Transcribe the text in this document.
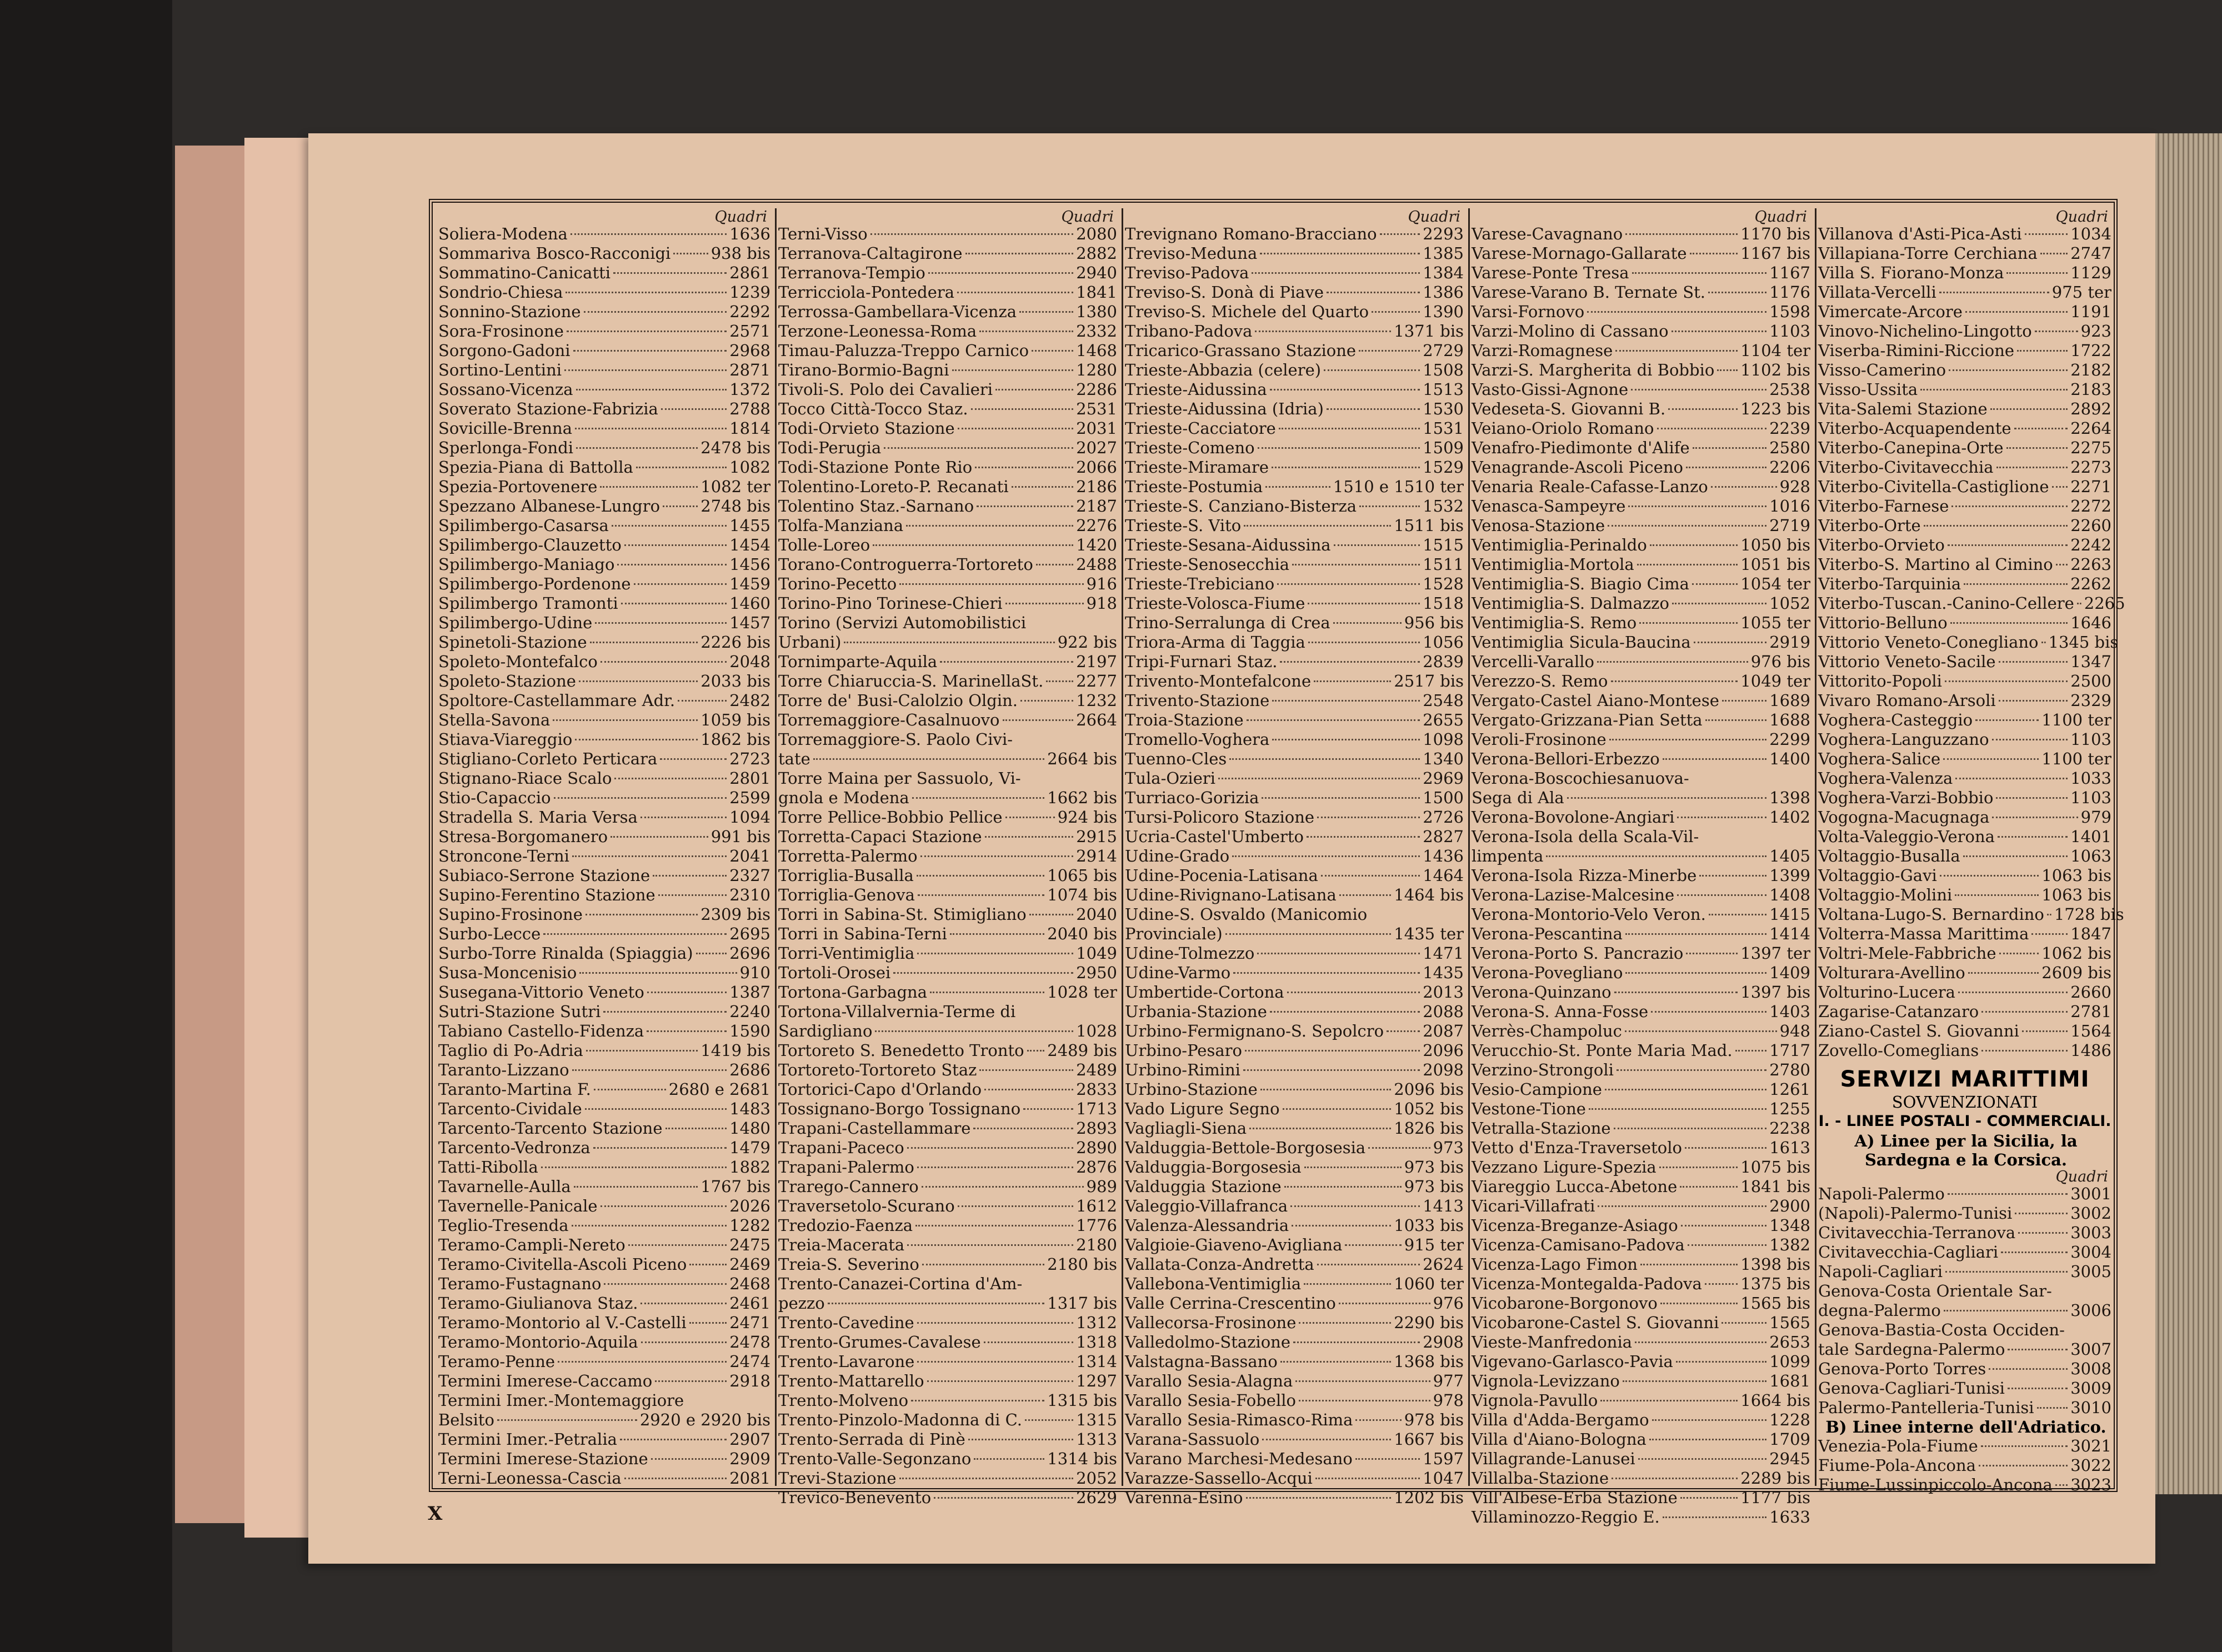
Quadri
Soliera-Modena	1636
Sommariva Bosco-Racconigi 938 bis
Sommatino-Canicatti	2861
Sondrio-Chiesa	1239
Sonnino-Stazione	2292
Sora-Frosinone	2571
Sorgono-Gadoni	2968
Sortino-Lentini	2871
Sossano-Vicenza	1372
Soverato Stazione-Fabrizia	2788
Sovicille-Brenna	1814
Sperlonga-Fondi	2478 bis
Spezia-Piana di Battolla	1082
Spezia-Portovenere	1082 ter
Spezzano Albanese-Lungro	2748 bis
Spilimbergo-Casarsa	1455
Spilimbergo-Clauzetto	1454
Spilimbergo-Maniago	1456
Spilimbergo-Pordenone	1459
Spilimbergo Tramonti	1460
Spilimbergo-Udine	1457
Spinetoli-Stazione	2226 bis
Spoleto-Montefalco	2048
Spoleto-Stazione	2033 bis
Spoltore-Castellammare Adr.	2482
Stella-Savona	1059 bis
Stiava-Viareggio	1862 bis
Stigliano-Corleto Perticara	2723
Stignano-Riace Scalo	2801
Stio-Capaccio	2599
Stradella S. Maria Versa	1094
Stresa-Borgomanero	991 bis
Stroncone-Terni	2041
Subiaco-Serrone Stazione	2327
Supino-Ferentino Stazione	2310
Supino-Frosinone	2309 bis
Surbo-Lecce	2695
Surbo-Torre Rinalda (Spiaggia) 2696
Susa-Moncenisio	910
Susegana-Vittorio Veneto	1387
Sutri-Stazione Sutri	2240
Tabiano Castello-Fidenza	1590
Taglio di Po-Adria	1419 bis
Taranto-Lizzano	2686
Taranto-Martina F.	2680 e 2681
Tarcento-Cividale	1483
Tarcento-Tarcento Stazione	1480
Tarcento-Vedronza	1479
Tatti-Ribolla	1882
Tavarnelle-Aulla	1767 bis
Tavernelle-Panicale	2026
Teglio-Tresenda	1282
Teramo-Campli-Nereto	2475
Teramo-Civitella-Ascoli Piceno	2469
Teramo-Fustagnano	2468
Teramo-Giulianova Staz.	2461
Teramo-Montorio al V.-Castelli	2471
Teramo-Montorio-Aquila	2478
Teramo-Penne	2474
Termini Imerese-Caccamo	2918
Termini Imer.-Montemaggiore
Belsito	2920 e 2920 bis
Termini Imer.-Petralia	2907
Termini Imerese-Stazione	2909
Terni-Leonessa-Cascia	2081
Quadri
Terni-Visso	2080
Terranova-Caltagirone	2882
Terranova-Tempio	2940
Terricciola-Pontedera	1841
Terrossa-Gambellara-Vicenza	1380
Terzone-Leonessa-Roma	2332
Timau-Paluzza-Treppo Carnico	1468
Tirano-Bormio-Bagni	1280
Tivoli-S. Polo dei Cavalieri	2286
Tocco Città-Tocco Staz.	2531
Todi-Orvieto Stazione	2031
Todi-Perugia	2027
Todi-Stazione Ponte Rio	2066
Tolentino-Loreto-P. Recanati	2186
Tolentino Staz.-Sarnano	2187
Tolfa-Manziana	2276
Tolle-Loreo	1420
Torano-Controguerra-Tortoreto	2488
Torino-Pecetto	916
Torino-Pino Torinese-Chieri	918
Torino (Servizi Automobilistici
Urbani)	922 bis
Tornimparte-Aquila	2197
Torre Chiaruccia-S. MarinellaSt. 2277
Torre de' Busi-Calolzio Olgin.	1232
Torremaggiore-Casalnuovo	2664
Torremaggiore-S. Paolo Civi-
tate	2664 bis
Torre Maina per Sassuolo, Vi-
gnola e Modena	1662 bis
Torre Pellice-Bobbio Pellice	924 bis
Torretta-Capaci Stazione	2915
Torretta-Palermo	2914
Torriglia-Busalla	1065 bis
Torriglia-Genova	1074 bis
Torri in Sabina-St. Stimigliano	2040
Torri in Sabina-Terni	2040 bis
Torri-Ventimiglia	1049
Tortoli-Orosei	2950
Tortona-Garbagna	1028 ter
Tortona-Villalvernia-Terme di
Sardigliano	1028
Tortoreto S. Benedetto Tronto 2489 bis
Tortoreto-Tortoreto Staz	2489
Tortorici-Capo d'Orlando	2833
Tossignano-Borgo Tossignano	1713
Trapani-Castellammare	2893
Trapani-Paceco	2890
Trapani-Palermo	2876
Trarego-Cannero	989
Traversetolo-Scurano	1612
Tredozio-Faenza	1776
Treia-Macerata	2180
Treia-S. Severino	2180 bis
Trento-Canazei-Cortina d'Am-
pezzo	1317 bis
Trento-Cavedine	1312
Trento-Grumes-Cavalese	1318
Trento-Lavarone	1314
Trento-Mattarello	1297
Trento-Molveno	1315 bis
Trento-Pinzolo-Madonna di C.	1315
Trento-Serrada di Pinè	1313
Trento-Valle-Segonzano	1314 bis
Trevi-Stazione	2052
Trevico-Benevento	2629
Quadri
Trevignano Romano-Bracciano	2293
Treviso-Meduna	1385
Treviso-Padova	1384
Treviso-S. Donà di Piave	1386
Treviso-S. Michele del Quarto	1390
Tribano-Padova	1371 bis
Tricarico-Grassano Stazione	2729
Trieste-Abbazia (celere)	1508
Trieste-Aidussina	1513
Trieste-Aidussina (Idria)	1530
Trieste-Cacciatore	1531
Trieste-Comeno	1509
Trieste-Miramare	1529
Trieste-Postumia	1510 e 1510 ter
Trieste-S. Canziano-Bisterza	1532
Trieste-S. Vito	1511 bis
Trieste-Sesana-Aidussina	1515
Trieste-Senosecchia	1511
Trieste-Trebiciano	1528
Trieste-Volosca-Fiume	1518
Trino-Serralunga di Crea	956 bis
Triora-Arma di Taggia	1056
Tripi-Furnari Staz.	2839
Trivento-Montefalcone	2517 bis
Trivento-Stazione	2548
Troia-Stazione	2655
Tromello-Voghera	1098
Tuenno-Cles	1340
Tula-Ozieri	2969
Turriaco-Gorizia	1500
Tursi-Policoro Stazione	2726
Ucria-Castel'Umberto	2827
Udine-Grado	1436
Udine-Pocenia-Latisana	1464
Udine-Rivignano-Latisana	1464 bis
Udine-S. Osvaldo (Manicomio
Provinciale)	1435 ter
Udine-Tolmezzo	1471
Udine-Varmo	1435
Umbertide-Cortona	2013
Urbania-Stazione	2088
Urbino-Fermignano-S. Sepolcro 2087
Urbino-Pesaro	2096
Urbino-Rimini	2098
Urbino-Stazione	2096 bis
Vado Ligure Segno	1052 bis
Vagliagli-Siena	1826 bis
Valduggia-Bettole-Borgosesia	973
Valduggia-Borgosesia	973 bis
Valduggia Stazione	973 bis
Valeggio-Villafranca	1413
Valenza-Alessandria	1033 bis
Valgioie-Giaveno-Avigliana	915 ter
Vallata-Conza-Andretta	2624
Vallebona-Ventimiglia	1060 ter
Valle Cerrina-Crescentino	976
Vallecorsa-Frosinone	2290 bis
Valledolmo-Stazione	2908
Valstagna-Bassano	1368 bis
Varallo Sesia-Alagna	977
Varallo Sesia-Fobello	978
Varallo Sesia-Rimasco-Rima	978 bis
Varana-Sassuolo	1667 bis
Varano Marchesi-Medesano	1597
Varazze-Sassello-Acqui	1047
Varenna-Esino	1202 bis
Quadri
Varese-Cavagnano	1170 bis
Varese-Mornago-Gallarate	1167 bis
Varese-Ponte Tresa	1167
Varese-Varano B. Ternate St.	1176
Varsi-Fornovo	1598
Varzi-Molino di Cassano	1103
Varzi-Romagnese	1104 ter
Varzi-S. Margherita di Bobbio 1102 bis
Vasto-Gissi-Agnone	2538
Vedeseta-S. Giovanni B.	1223 bis
Veiano-Oriolo Romano	2239
Venafro-Piedimonte d'Alife	2580
Venagrande-Ascoli Piceno	2206
Venaria Reale-Cafasse-Lanzo	928
Venasca-Sampeyre	1016
Venosa-Stazione	2719
Ventimiglia-Perinaldo	1050 bis
Ventimiglia-Mortola	1051 bis
Ventimiglia-S. Biagio Cima	1054 ter
Ventimiglia-S. Dalmazzo	1052
Ventimiglia-S. Remo	1055 ter
Ventimiglia Sicula-Baucina	2919
Vercelli-Varallo	976 bis
Verezzo-S. Remo	1049 ter
Vergato-Castel Aiano-Montese	1689
Vergato-Grizzana-Pian Setta	1688
Veroli-Frosinone	2299
Verona-Bellori-Erbezzo	1400
Verona-Boscochiesanuova-
Sega di Ala	1398
Verona-Bovolone-Angiari	1402
Verona-Isola della Scala-Vil-
limpenta	1405
Verona-Isola Rizza-Minerbe	1399
Verona-Lazise-Malcesine	1408
Verona-Montorio-Velo Veron.	1415
Verona-Pescantina	1414
Verona-Porto S. Pancrazio	1397 ter
Verona-Povegliano	1409
Verona-Quinzano	1397 bis
Verona-S. Anna-Fosse	1403
Verrès-Champoluc	948
Verucchio-St. Ponte Maria Mad. 1717
Verzino-Strongoli	2780
Vesio-Campione	1261
Vestone-Tione	1255
Vetralla-Stazione	2238
Vetto d'Enza-Traversetolo	1613
Vezzano Ligure-Spezia	1075 bis
Viareggio Lucca-Abetone	1841 bis
Vicari-Villafrati	2900
Vicenza-Breganze-Asiago	1348
Vicenza-Camisano-Padova	1382
Vicenza-Lago Fimon	1398 bis
Vicenza-Montegalda-Padova 1375 bis
Vicobarone-Borgonovo	1565 bis
Vicobarone-Castel S. Giovanni	1565
Vieste-Manfredonia	2653
Vigevano-Garlasco-Pavia	1099
Vignola-Levizzano	1681
Vignola-Pavullo	1664 bis
Villa d'Adda-Bergamo	1228
Villa d'Aiano-Bologna	1709
Villagrande-Lanusei	2945
Villalba-Stazione	2289 bis
Vill'Albese-Erba Stazione	1177 bis
Villaminozzo-Reggio E.	1633
Quadri
Villanova d'Asti-Pica-Asti	1034
Villapiana-Torre Cerchiana 2747
Villa S. Fiorano-Monza	1129
Villata-Vercelli	975 ter
Vimercate-Arcore	1191
Vinovo-Nichelino-Lingotto	923
Viserba-Rimini-Riccione	1722
Visso-Camerino	2182
Visso-Ussita	2183
Vita-Salemi Stazione	2892
Viterbo-Acquapendente	2264
Viterbo-Canepina-Orte	2275
Viterbo-Civitavecchia	2273
Viterbo-Civitella-Castiglione 2271
Viterbo-Farnese	2272
Viterbo-Orte	2260
Viterbo-Orvieto	2242
Viterbo-S. Martino al Cimino 2263
Viterbo-Tarquinia	2262
Viterbo-Tuscan.-Canino-Cellere 2265
Vittorio-Belluno	1646
Vittorio Veneto-Conegliano 1345 bis
Vittorio Veneto-Sacile	1347
Vittorito-Popoli	2500
Vivaro Romano-Arsoli	2329
Voghera-Casteggio	1100 ter
Voghera-Languzzano	1103
Voghera-Salice	1100 ter
Voghera-Valenza	1033
Voghera-Varzi-Bobbio	1103
Vogogna-Macugnaga	979
Volta-Valeggio-Verona	1401
Voltaggio-Busalla	1063
Voltaggio-Gavi	1063 bis
Voltaggio-Molini	1063 bis
Voltana-Lugo-S. Bernardino 1728 bis
Volterra-Massa Marittima	1847
Voltri-Mele-Fabbriche	1062 bis
Volturara-Avellino	2609 bis
Volturino-Lucera	2660
Zagarise-Catanzaro	2781
Ziano-Castel S. Giovanni	1564
Zovello-Comeglians	1486
SERVIZI MARITTIMI
SOVVENZIONATI
I. - LINEE POSTALI - COMMERCIALI.
A) Linee per la Sicilia, la Sardegna e la Corsica.
Quadri
Napoli-Palermo	3001
(Napoli)-Palermo-Tunisi	3002
Civitavecchia-Terranova	3003
Civitavecchia-Cagliari	3004
Napoli-Cagliari	3005
Genova-Costa Orientale Sar-
degna-Palermo	3006
Genova-Bastia-Costa Occiden-
tale Sardegna-Palermo	3007
Genova-Porto Torres	3008
Genova-Cagliari-Tunisi	3009
Palermo-Pantelleria-Tunisi 3010
B) Linee interne dell'Adriatico.
Venezia-Pola-Fiume	3021
Fiume-Pola-Ancona	3022
Fiume-Lussinpiccolo-Ancona 3023
X
